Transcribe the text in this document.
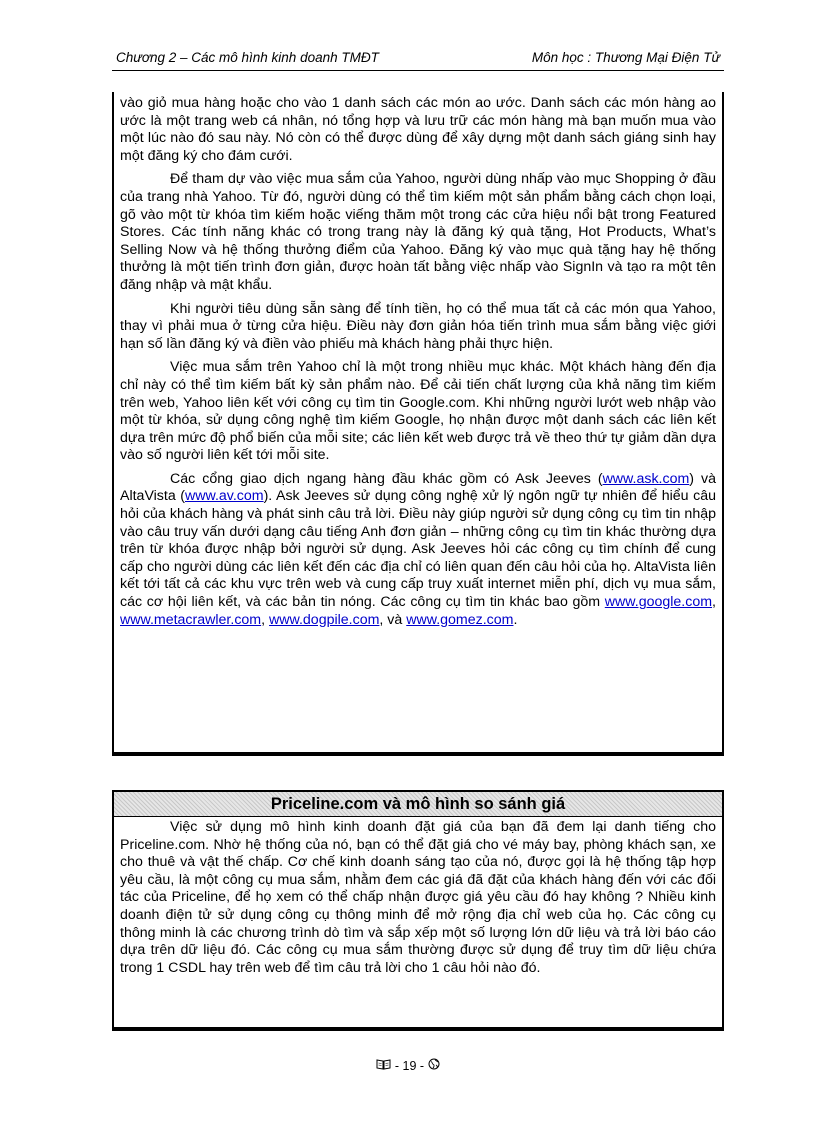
Chương 2 – Các mô hình kinh doanh TMĐT	Môn học : Thương Mại Điện Tử

vào giỏ mua hàng hoặc cho vào 1 danh sách các món ao ước. Danh sách các món hàng ao ước là một trang web cá nhân, nó tổng hợp và lưu trữ các món hàng mà bạn muốn mua vào một lúc nào đó sau này. Nó còn có thể được dùng để xây dựng một danh sách giáng sinh hay một đăng ký cho đám cưới.

Để tham dự vào việc mua sắm của Yahoo, người dùng nhấp vào mục Shopping ở đầu của trang nhà Yahoo. Từ đó, người dùng có thể tìm kiếm một sản phẩm bằng cách chọn loại, gõ vào một từ khóa tìm kiếm hoặc viếng thăm một trong các cửa hiệu nổi bật trong Featured Stores. Các tính năng khác có trong trang này là đăng ký quà tặng, Hot Products, What’s Selling Now và hệ thống thưởng điểm của Yahoo. Đăng ký vào mục quà tặng hay hệ thống thưởng là một tiến trình đơn giản, được hoàn tất bằng việc nhấp vào SignIn và tạo ra một tên đăng nhập và mật khẩu.

Khi người tiêu dùng sẵn sàng để tính tiền, họ có thể mua tất cả các món qua Yahoo, thay vì phải mua ở từng cửa hiệu. Điều này đơn giản hóa tiến trình mua sắm bằng việc giới hạn số lần đăng ký và điền vào phiếu mà khách hàng phải thực hiện.

Việc mua sắm trên Yahoo chỉ là một trong nhiều mục khác. Một khách hàng đến địa chỉ này có thể tìm kiếm bất kỳ sản phẩm nào. Để cải tiến chất lượng của khả năng tìm kiếm trên web, Yahoo liên kết với công cụ tìm tin Google.com. Khi những người lướt web nhập vào một từ khóa, sử dụng công nghệ tìm kiếm Google, họ nhận được một danh sách các liên kết dựa trên mức độ phổ biến của mỗi site; các liên kết web được trả về theo thứ tự giảm dần dựa vào số người liên kết tới mỗi site.

Các cổng giao dịch ngang hàng đầu khác gồm có Ask Jeeves (www.ask.com) và AltaVista (www.av.com). Ask Jeeves sử dụng công nghệ xử lý ngôn ngữ tự nhiên để hiểu câu hỏi của khách hàng và phát sinh câu trả lời. Điều này giúp người sử dụng công cụ tìm tin nhập vào câu truy vấn dưới dạng câu tiếng Anh đơn giản – những công cụ tìm tin khác thường dựa trên từ khóa được nhập bởi người sử dụng. Ask Jeeves hỏi các công cụ tìm chính để cung cấp cho người dùng các liên kết đến các địa chỉ có liên quan đến câu hỏi của họ. AltaVista liên kết tới tất cả các khu vực trên web và cung cấp truy xuất internet miễn phí, dịch vụ mua sắm, các cơ hội liên kết, và các bản tin nóng. Các công cụ tìm tin khác bao gồm www.google.com, www.metacrawler.com, www.dogpile.com, và www.gomez.com.

Priceline.com và mô hình so sánh giá

Việc sử dụng mô hình kinh doanh đặt giá của bạn đã đem lại danh tiếng cho Priceline.com. Nhờ hệ thống của nó, bạn có thể đặt giá cho vé máy bay, phòng khách sạn, xe cho thuê và vật thế chấp. Cơ chế kinh doanh sáng tạo của nó, được gọi là hệ thống tập hợp yêu cầu, là một công cụ mua sắm, nhằm đem các giá đã đặt của khách hàng đến với các đối tác của Priceline, để họ xem có thể chấp nhận được giá yêu cầu đó hay không ? Nhiều kinh doanh điện tử sử dụng công cụ thông minh để mở rộng địa chỉ web của họ. Các công cụ thông minh là các chương trình dò tìm và sắp xếp một số lượng lớn dữ liệu và trả lời báo cáo dựa trên dữ liệu đó. Các công cụ mua sắm thường được sử dụng để truy tìm dữ liệu chứa trong 1 CSDL hay trên web để tìm câu trả lời cho 1 câu hỏi nào đó.

- 19 -
